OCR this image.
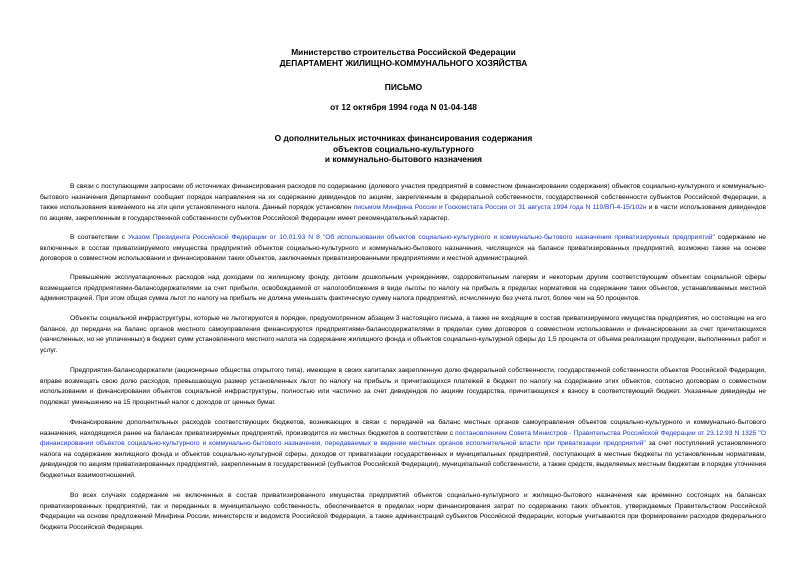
Министерство строительства Российской Федерации
ДЕПАРТАМЕНТ ЖИЛИЩНО-КОММУНАЛЬНОГО ХОЗЯЙСТВА
ПИСЬМО
от 12 октября 1994 года N 01-04-148
О дополнительных источниках финансирования содержания
объектов социально-культурного
и коммунально-бытового назначения

В связи с поступающими запросами об источниках финансирования расходов по содержанию (долевого участия предприятий в совместном финансировании содержания) объектов социально-культурного и коммунально-бытового назначения Департамент сообщает порядок направления на их содержание дивидендов по акциям, закрепленным в федеральной собственности, государственной собственности субъектов Российской Федерации, а также использования взимаемого на эти цели установленного налога. Данный порядок установлен письмом Минфина России и Госкомстата России от 31 августа 1994 года N 119/ВП-4-15/102н и в части использования дивидендов по акциям, закрепленным в государственной собственности субъектов Российской Федерации имеет рекомендательный характер.

В соответствии с Указом Президента Российской Федерации от 10.01.93 N 8 "Об использовании объектов социально-культурного и коммунально-бытового назначения приватизируемых предприятий" содержание не включенных в состав приватизируемого имущества предприятий объектов социально-культурного и коммунально-бытового назначения, числящихся на балансе приватизированных предприятий, возможно также на основе договоров о совместном использовании и финансировании таких объектов, заключаемых приватизированными предприятиями и местной администрацией.

Превышение эксплуатационных расходов над доходами по жилищному фонду, детским дошкольным учреждениям, оздоровительным лагерям и некоторым другим соответствующим объектам социальной сферы возмещается предприятиями-балансодержателями за счет прибыли, освобождаемой от налогообложения в виде льготы по налогу на прибыль в пределах нормативов на содержание таких объектов, устанавливаемых местной администрацией. При этом общая сумма льгот по налогу на прибыль не должна уменьшать фактическую сумму налога предприятий, исчисленную без учета льгот, более чем на 50 процентов.

Объекты социальной инфраструктуры, которые не льготируются в порядке, предусмотренном абзацем 3 настоящего письма, а также не входящие в состав приватизируемого имущества предприятия, но состоящие на его балансе, до передачи на баланс органов местного самоуправления финансируются предприятиями-балансодержателями в пределах сумм договоров о совместном использовании и финансировании за счет причитающихся (начисленных, но не уплаченных) в бюджет сумм установленного местного налога на содержание жилищного фонда и объектов социально-культурной сферы до 1,5 процента от объема реализации продукции, выполненных работ и услуг.

Предприятия-балансодержатели (акционерные общества открытого типа), имеющие в своих капиталах закрепленную долю федеральной собственности, государственной собственности объектов Российской Федерации, вправе возмещать свою долю расходов, превышающую размер установленных льгот по налогу на прибыль и причитающихся платежей в бюджет по налогу на содержание этих объектов, согласно договорам о совместном использовании и финансировании объектов социальной инфраструктуры, полностью или частично за счет дивидендов по акциям государства, причитающихся к взносу в соответствующий бюджет. Указанные дивиденды не подлежат уменьшению на 15 процентный налог с доходов от ценных бумаг.

Финансирование дополнительных расходов соответствующих бюджетов, возникающих в связи с передачей на баланс местных органов самоуправления объектов социально-культурного и коммунально-бытового назначения, находящихся ранее на балансах приватизируемых предприятий, производится из местных бюджетов в соответствии с постановлением Совета Министров - Правительства Российской Федерации от 23.12.93 N 1325 "О финансировании объектов социально-культурного и коммунально-бытового назначения, передаваемых в ведение местных органов исполнительной власти при приватизации предприятий" за счет поступлений установленного налога на содержание жилищного фонда и объектов социально-культурной сферы, доходов от приватизации государственных и муниципальных предприятий, поступающих в местные бюджеты по установленным нормативам, дивидендов по акциям приватизированных предприятий, закрепленным в государственной (субъектов Российской Федерации), муниципальной собственности, а также средств, выделяемых местным бюджетам в порядке уточнения бюджетных взаимоотношений.

Во всех случаях содержание не включенных в состав приватизированного имущества предприятий объектов социально-культурного и жилищно-бытового назначения как временно состоящих на балансах приватизированных предприятий, так и переданных в муниципальную собственность, обеспечивается в пределах норм финансирования затрат по содержанию таких объектов, утверждаемых Правительством Российской Федерации на основе предложений Минфина России, министерств и ведомств Российской Федерации, а также администраций субъектов Российской Федерации, которые учитываются при формировании расходов федерального бюджета Российской Федерации.
